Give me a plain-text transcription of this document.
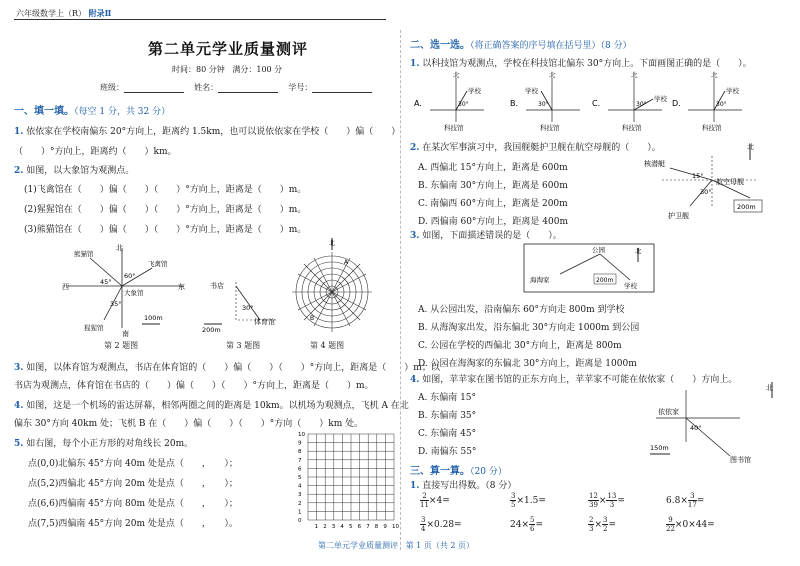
六年级数学上（R） 附录Ⅱ
第二单元学业质量测评
时间：80 分钟 满分：100 分
班级：	姓名：	学号：
一、填一填。（每空 1 分，共 32 分）
1. 依依家在学校南偏东 20°方向上，距离约 1.5km，也可以说依依家在学校（　　）偏（　　）
（　　）°方向上，距离约（　　）km。
2. 如图，以大象馆为观测点。
(1)飞禽馆在（　　）偏（　　）（　　）°方向上，距离是（　　）m。
(2)猩猩馆在（　　）偏（　　）（　　）°方向上，距离是（　　）m。
(3)熊猫馆在（　　）偏（　　）（　　）°方向上，距离是（　　）m。
北
西	东
南
熊猫馆
飞禽馆
大象馆
猩猩馆
45°
60°
35°
100m
第 2 题图
书店
体育馆
30°
200m
第 3 题图
北
A
B
第 4 题图
3. 如图，以体育馆为观测点，书店在体育馆的（　　）偏（　　）（　　）°方向上，距离是（　　）m；以
书店为观测点，体育馆在书店的（　　）偏（　　）（　　）°方向上，距离是（　　）m。
4. 如图，这是一个机场的雷达屏幕，相邻两圈之间的距离是 10km。以机场为观测点，飞机 A 在北
偏东 30°方向 40km 处；飞机 B 在（　　）偏（　　）（　　）°方向（　　）km 处。
5. 如右图，每个小正方形的对角线长 20m。
点(0,0)北偏东 45°方向 40m 处是点（　　，　　）；
点(5,2)西偏北 45°方向 20m 处是点（　　，　　）；
点(6,6)西偏南 45°方向 80m 处是点（　　，　　）；
点(7,5)西偏南 45°方向 20m 处是点（　　，　　）。	0
1
2
3
4
5
6
7
8
9
10
1 2 3 4 5 6 7 8 9 10
二、选一选。（将正确答案的序号填在括号里）（8 分）
1. 以科技馆为观测点，学校在科技馆北偏东 30°方向上。下面画图正确的是（　　）。
A.
北
学校
30°
科技馆
B.
北
学校
30°
科技馆
C.
北
学校
30°
科技馆
D.
北
学校
30°
科技馆
2. 在某次军事演习中，我国舰艇护卫舰在航空母舰的（　　）。
A. 西偏北 15°方向上，距离是 600m
B. 东偏南 30°方向上，距离是 600m
C. 南偏西 60°方向上，距离是 200m
D. 西偏南 60°方向上，距离是 400m
北
核潜艇
航空母舰
护卫舰
15°
30°
200m
3. 如图，下面描述错误的是（　　）。
北
公园
海淘家
学校
200m
A. 从公园出发，沿南偏东 60°方向走 800m 到学校
B. 从海淘家出发，沿东偏北 30°方向走 1000m 到公园
C. 公园在学校的西偏北 30°方向上，距离是 800m
D. 公园在海淘家的东偏北 30°方向上，距离是 1000m
4. 如图，苹苹家在图书馆的正东方向上，苹苹家不可能在依依家（　　）方向上。
A. 东偏南 15°
B. 东偏南 35°
C. 东偏南 45°
D. 南偏东 55°
北
依依家
图书馆
40°
150m
三、算一算。（20 分）
1. 直接写出得数。（8 分）
$\frac{2}{11} \times 4=$	$\frac{3}{5} \times 1.5=$	$\frac{12}{39} \times \frac{13}{3}$ =	$6.8\times \frac{3}{17}$ =
$\frac{3}{4} \times 0.28=$	$24\times \frac{5}{6}$ =	$\frac{2}{3} \times \frac{3}{2}$ =	$\frac{9}{22} \times 0\times 44=$
第二单元学业质量测评 第 1 页（共 2 页）
